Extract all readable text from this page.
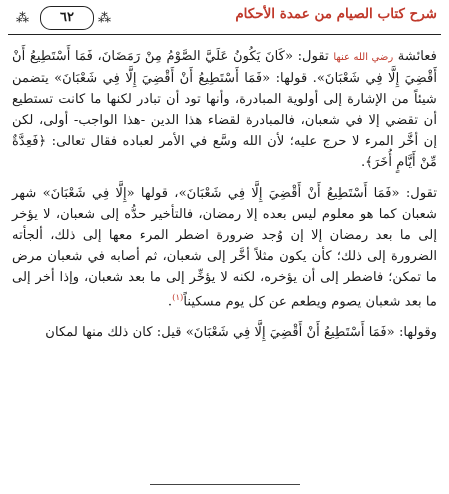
⁂	٦٢	⁂	شرح كتاب الصيام من عمدة الأحكام

فعائشة رضي الله عنها تقول: «كَانَ يَكُونُ عَلَيَّ الصَّوْمُ مِنْ رَمَضَانَ، فَمَا أَسْتَطِيعُ أَنْ أَقْضِيَ إِلَّا فِي شَعْبَانَ». قولها: «فَمَا أَسْتَطِيعُ أَنْ أَقْضِيَ إِلَّا فِي شَعْبَانَ» يتضمن شيئاً من الإشارة إلى أولوية المبادرة، وأنها تود أن تبادر لكنها ما كانت تستطيع أن تقضي إلا في شعبان، فالمبادرة لقضاء هذا الدين -هذا الواجب- أولى، لكن إن أخَّر المرء لا حرج عليه؛ لأن الله وسَّع في الأمر لعباده فقال تعالى: ﴿فَعِدَّةٌ مِّنْ أَيَّامٍ أُخَرَ﴾.

تقول: «فَمَا أَسْتَطِيعُ أَنْ أَقْضِيَ إِلَّا فِي شَعْبَانَ»، قولها «إِلَّا فِي شَعْبَانَ» شهر شعبان كما هو معلوم ليس بعده إلا رمضان، فالتأخير حدُّه إلى شعبان، لا يؤخر إلى ما بعد رمضان إلا إن وُجد ضرورة اضطر المرء معها إلى ذلك، ألجأته الضرورة إلى ذلك؛ كأن يكون مثلاً أخَّر إلى شعبان، ثم أصابه في شعبان مرض ما تمكن؛ فاضطر إلى أن يؤخره، لكنه لا يؤخِّر إلى ما بعد شعبان، وإذا أخر إلى ما بعد شعبان يصوم ويطعم عن كل يوم مسكيناً$^{(١)}$.

وقولها: «فَمَا أَسْتَطِيعُ أَنْ أَقْضِيَ إِلَّا فِي شَعْبَانَ» قيل: كان ذلك منها لمكان
